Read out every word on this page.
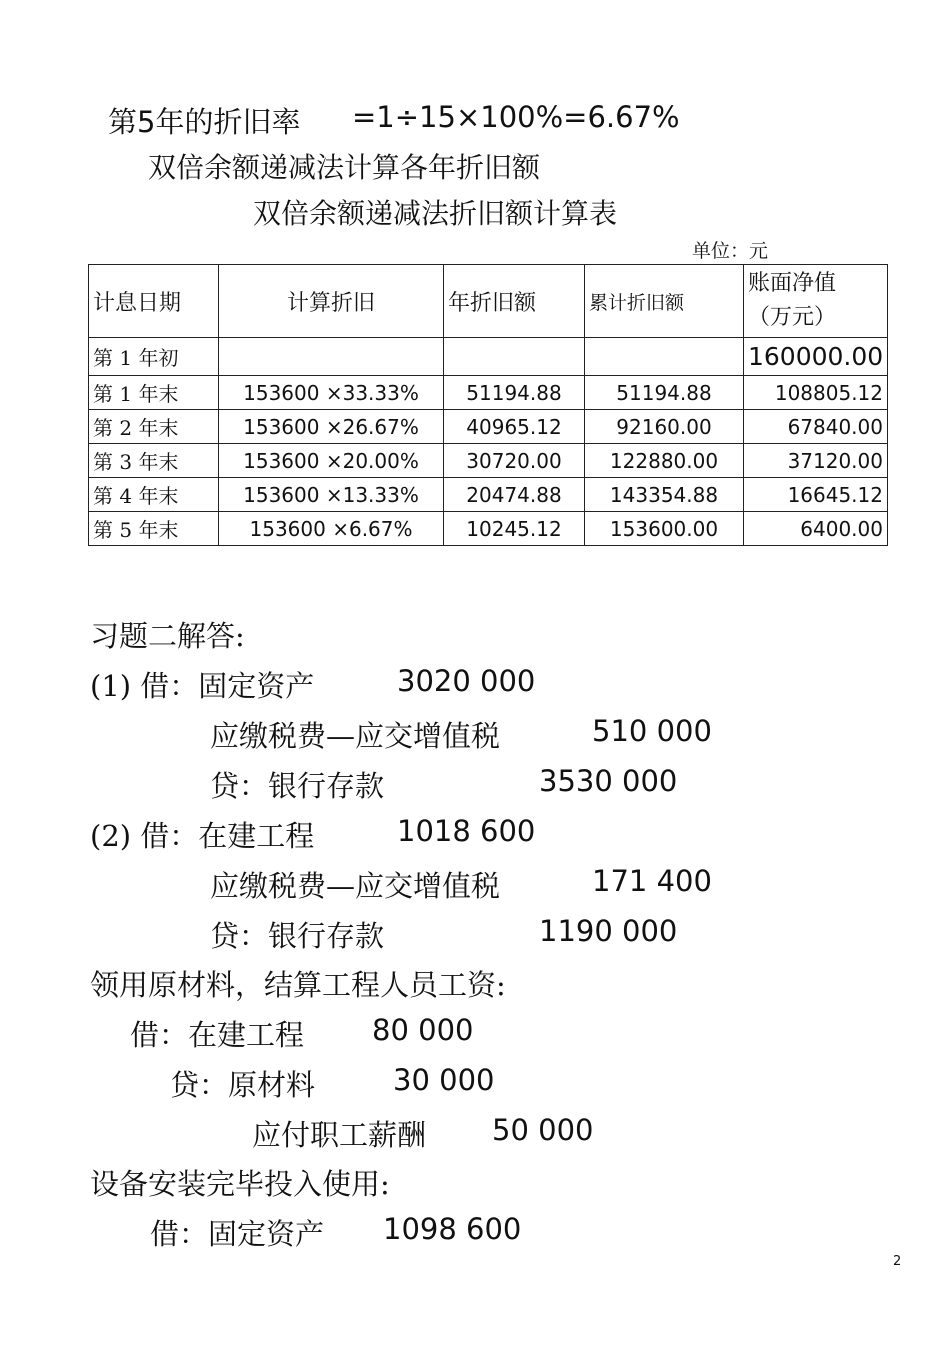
第5年的折旧率 =1÷15×100%=6.67%
双倍余额递减法计算各年折旧额
双倍余额递减法折旧额计算表
单位：元
计息日期	计算折旧	年折旧额	累计折旧额	账面净值
（万元）

第 1 年初				160000.00
第 1 年末	153600 ×33.33%	51194.88	51194.88	108805.12
第 2 年末	153600 ×26.67%	40965.12	92160.00	67840.00
第 3 年末	153600 ×20.00%	30720.00	122880.00	37120.00
第 4 年末	153600 ×13.33%	20474.88	143354.88	16645.12
第 5 年末	153600 ×6.67%	10245.12	153600.00	6400.00
习题二解答:
(1) 借：固定资产	3020 000
应缴税费—应交增值税	510 000
贷：银行存款	3530 000
(2) 借：在建工程	1018 600
应缴税费—应交增值税	171 400
贷：银行存款	1190 000
领用原材料，结算工程人员工资:
借：在建工程 80 000
贷：原材料	30 000
应付职工薪酬 50 000
设备安装完毕投入使用:
借：固定资产 1098 600
2
